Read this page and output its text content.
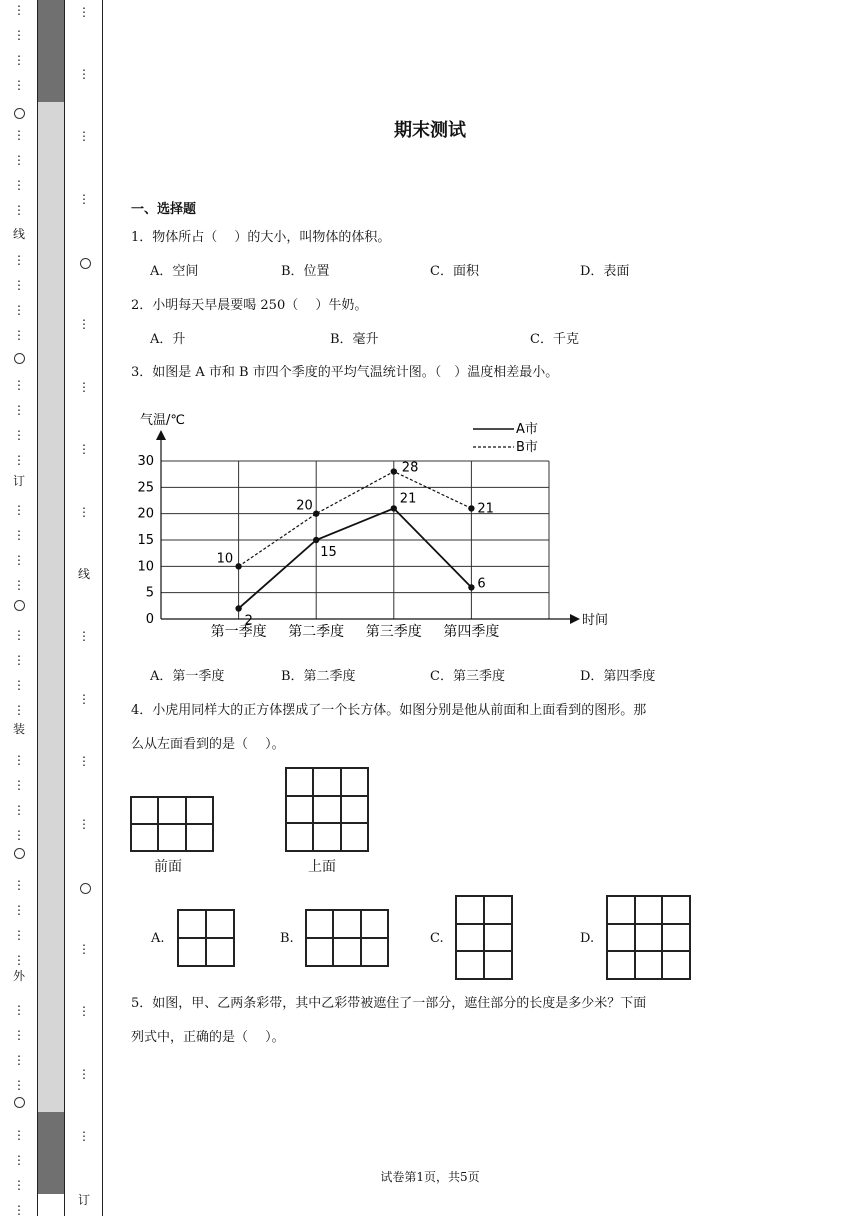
⋮
⋮
⋮
⋮
⋮
⋮
⋮
⋮
⋮
⋮
⋮
⋮
⋮
⋮
⋮
⋮
⋮
⋮
⋮
⋮
⋮
⋮
⋮
⋮
⋮
⋮
⋮
⋮
⋮
⋮
⋮
⋮
⋮
⋮
⋮
⋮
⋮
⋮
⋮
⋮
线
订
装
外
⋮
⋮
⋮
⋮
⋮
⋮
⋮
⋮
⋮
⋮
⋮
⋮
⋮
⋮
⋮
⋮
线
订
期末测试
一、选择题
1．物体所占（　 ）的大小，叫物体的体积。
A．空间	B．位置	C．面积	D．表面
2．小明每天早晨要喝 250（　 ）牛奶。
A．升	B．毫升	C．千克
3．如图是 A 市和 B 市四个季度的平均气温统计图。（　）温度相差最小。
0
5
10
15
20
25
30
第一季度 第二季度 第三季度 第四季度
2
15
21
6
10
20
28
21
A市
B市
气温/℃
时间
A．第一季度	B．第二季度	C．第三季度	D．第四季度
4．小虎用同样大的正方体摆成了一个长方体。如图分别是他从前面和上面看到的图形。那
么从左面看到的是（　 ）。
前面	上面
A.	B.	C.	D.
5．如图，甲、乙两条彩带，其中乙彩带被遮住了一部分，遮住部分的长度是多少米？下面
列式中，正确的是（　 ）。
试卷第1页，共5页
